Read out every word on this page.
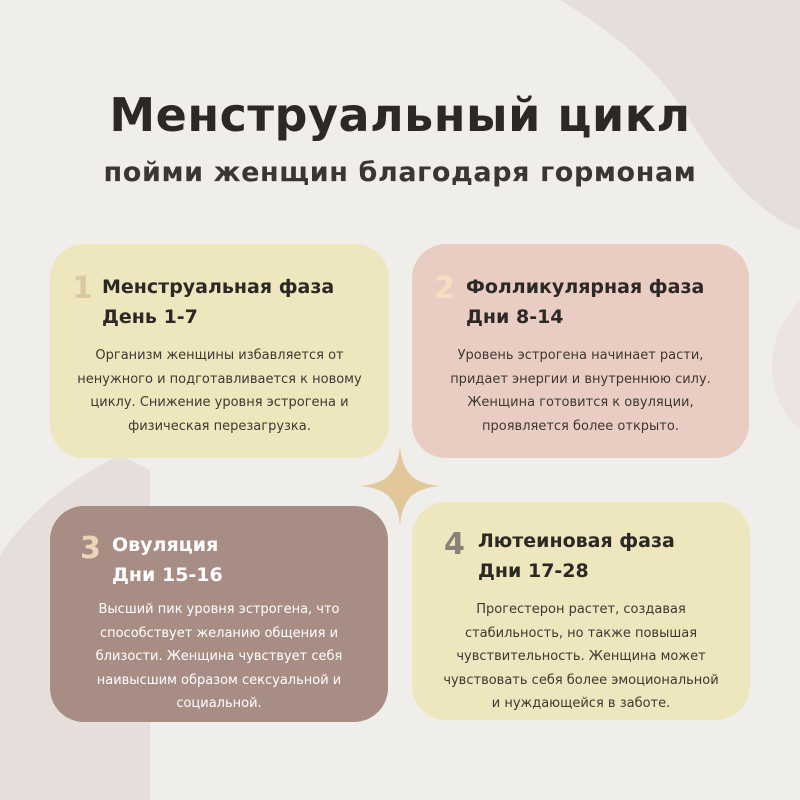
Менструальный цикл
пойми женщин благодаря гормонам
1 Менструальная фаза
День 1-7

Организм женщины избавляется от
ненужного и подготавливается к новому
циклу. Снижение уровня эстрогена и
физическая перезагрузка.

2 Фолликулярная фаза
Дни 8-14

Уровень эстрогена начинает расти,
придает энергии и внутреннюю силу.
Женщина готовится к овуляции,
проявляется более открыто.

3 Овуляция
Дни 15-16

Высший пик уровня эстрогена, что
способствует желанию общения и
близости. Женщина чувствует себя
наивысшим образом сексуальной и
социальной.

4 Лютеиновая фаза
Дни 17-28

Прогестерон растет, создавая
стабильность, но также повышая
чувствительность. Женщина может
чувствовать себя более эмоциональной
и нуждающейся в заботе.
